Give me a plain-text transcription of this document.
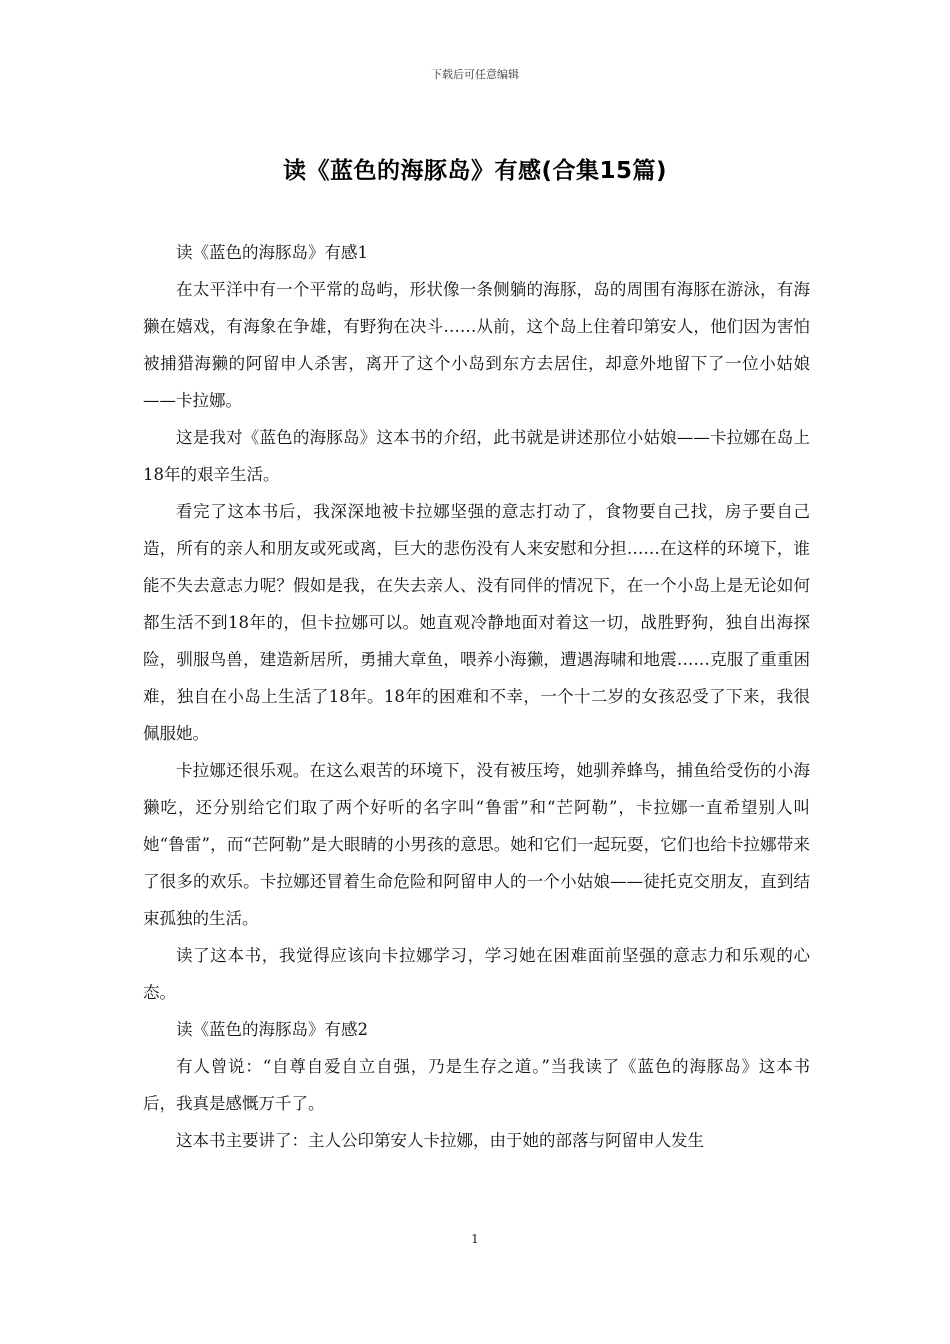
下载后可任意编辑
读《蓝色的海豚岛》有感(合集15篇)

读《蓝色的海豚岛》有感1

在太平洋中有一个平常的岛屿，形状像一条侧躺的海豚，岛的周围有海豚在游泳，有海獭在嬉戏，有海象在争雄，有野狗在决斗……从前，这个岛上住着印第安人，他们因为害怕被捕猎海獭的阿留申人杀害，离开了这个小岛到东方去居住，却意外地留下了一位小姑娘——卡拉娜。

这是我对《蓝色的海豚岛》这本书的介绍，此书就是讲述那位小姑娘——卡拉娜在岛上18年的艰辛生活。

看完了这本书后，我深深地被卡拉娜坚强的意志打动了，食物要自己找，房子要自己造，所有的亲人和朋友或死或离，巨大的悲伤没有人来安慰和分担……在这样的环境下，谁能不失去意志力呢？假如是我，在失去亲人、没有同伴的情况下，在一个小岛上是无论如何都生活不到18年的，但卡拉娜可以。她直观冷静地面对着这一切，战胜野狗，独自出海探险，驯服鸟兽，建造新居所，勇捕大章鱼，喂养小海獭，遭遇海啸和地震……克服了重重困难，独自在小岛上生活了18年。18年的困难和不幸，一个十二岁的女孩忍受了下来，我很佩服她。

卡拉娜还很乐观。在这么艰苦的环境下，没有被压垮，她驯养蜂鸟，捕鱼给受伤的小海獭吃，还分别给它们取了两个好听的名字叫“鲁雷”和“芒阿勒”，卡拉娜一直希望别人叫她“鲁雷”，而“芒阿勒”是大眼睛的小男孩的意思。她和它们一起玩耍，它们也给卡拉娜带来了很多的欢乐。卡拉娜还冒着生命危险和阿留申人的一个小姑娘——徒托克交朋友，直到结束孤独的生活。

读了这本书，我觉得应该向卡拉娜学习，学习她在困难面前坚强的意志力和乐观的心态。

读《蓝色的海豚岛》有感2

有人曾说：“自尊自爱自立自强，乃是生存之道。”当我读了《蓝色的海豚岛》这本书后，我真是感慨万千了。

这本书主要讲了：主人公印第安人卡拉娜，由于她的部落与阿留申人发生

1
